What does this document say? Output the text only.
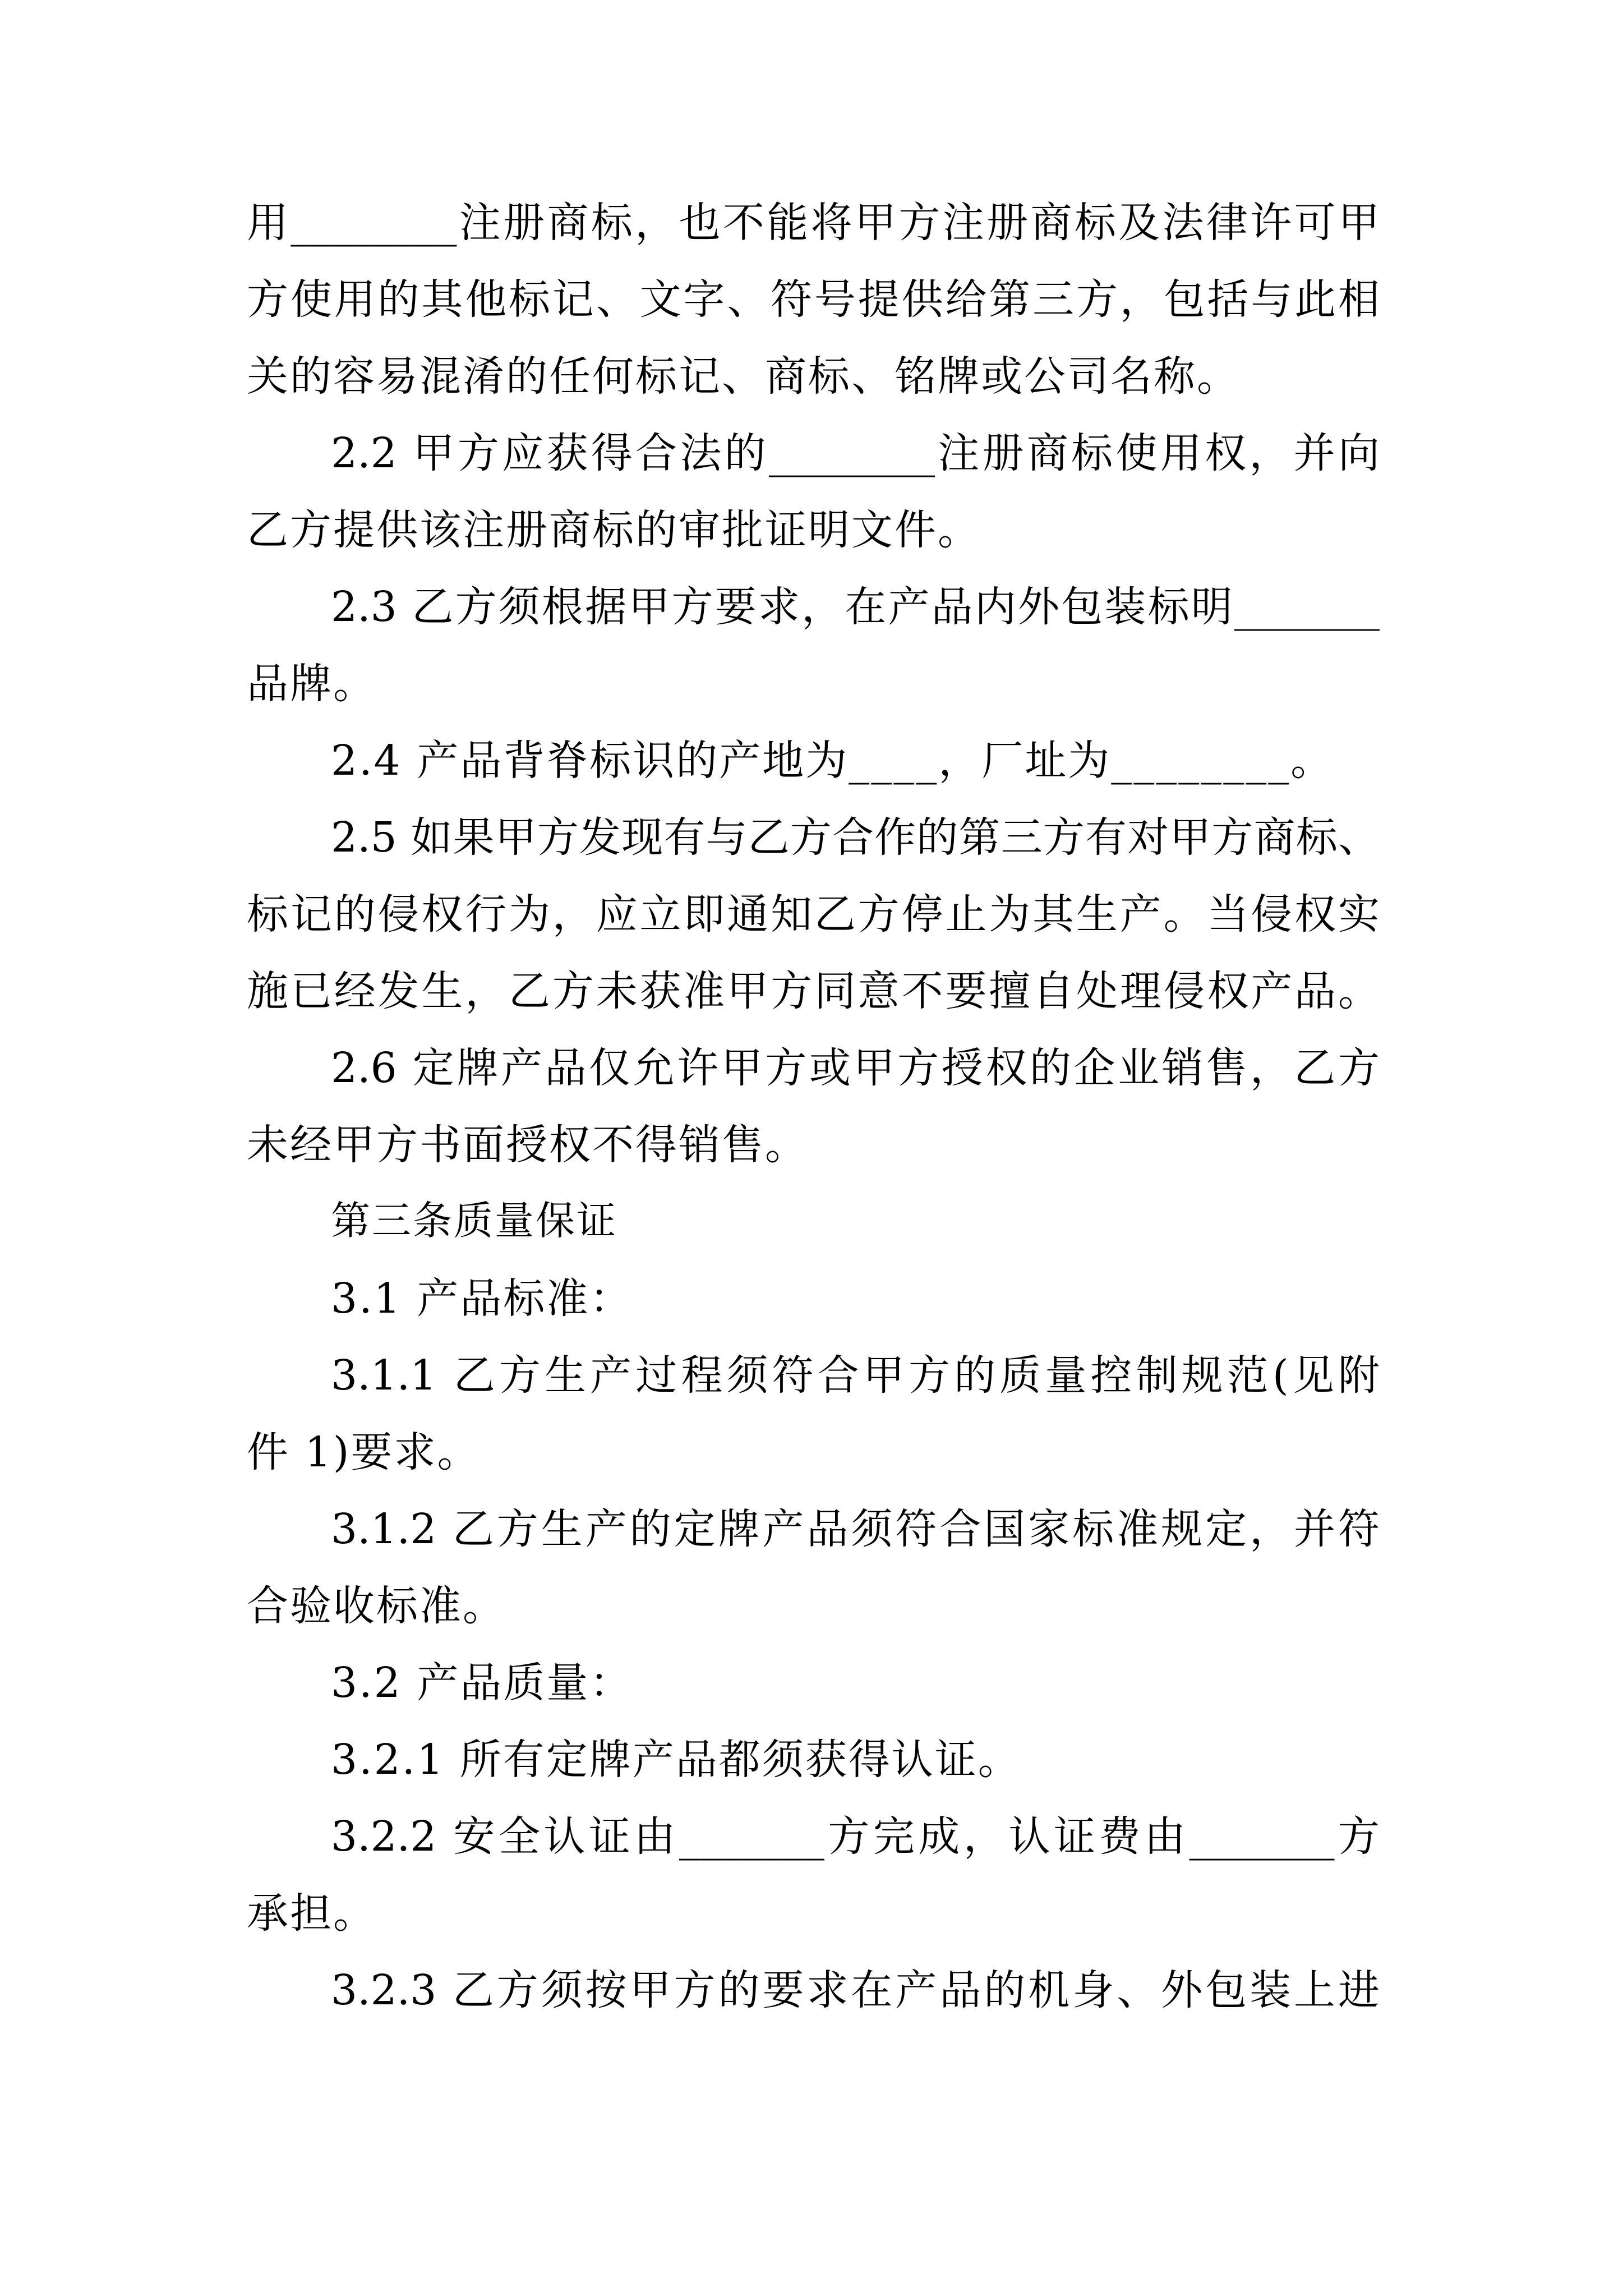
用________注册商标，也不能将甲方注册商标及法律许可甲
方使用的其他标记、文字、符号提供给第三方，包括与此相
关的容易混淆的任何标记、商标、铭牌或公司名称。
2.2 甲方应获得合法的________注册商标使用权，并向
乙方提供该注册商标的审批证明文件。
2.3 乙方须根据甲方要求，在产品内外包装标明_______
品牌。
2.4 产品背脊标识的产地为____，厂址为________。
2.5 如果甲方发现有与乙方合作的第三方有对甲方商标、
标记的侵权行为，应立即通知乙方停止为其生产。当侵权实
施已经发生，乙方未获准甲方同意不要擅自处理侵权产品。
2.6 定牌产品仅允许甲方或甲方授权的企业销售，乙方
未经甲方书面授权不得销售。
第三条质量保证
3.1 产品标准：
3.1.1 乙方生产过程须符合甲方的质量控制规范(见附
件 1)要求。
3.1.2 乙方生产的定牌产品须符合国家标准规定，并符
合验收标准。
3.2 产品质量：
3.2.1 所有定牌产品都须获得认证。
3.2.2 安全认证由_______方完成，认证费由_______方
承担。
3.2.3 乙方须按甲方的要求在产品的机身、外包装上进
